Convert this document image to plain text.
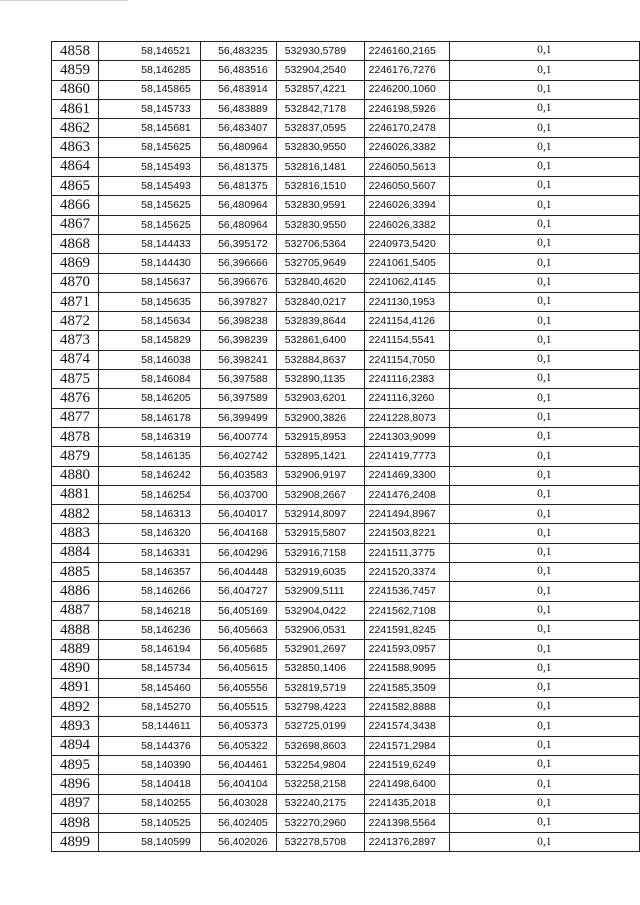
4858	58,146521	56,483235	532930,5789	2246160,2165	0,1
4859	58,146285	56,483516	532904,2540	2246176,7276	0,1
4860	58,145865	56,483914	532857,4221	2246200,1060	0,1
4861	58,145733	56,483889	532842,7178	2246198,5926	0,1
4862	58,145681	56,483407	532837,0595	2246170,2478	0,1
4863	58,145625	56,480964	532830,9550	2246026,3382	0,1
4864	58,145493	56,481375	532816,1481	2246050,5613	0,1
4865	58,145493	56,481375	532816,1510	2246050,5607	0,1
4866	58,145625	56,480964	532830,9591	2246026,3394	0,1
4867	58,145625	56,480964	532830,9550	2246026,3382	0,1
4868	58,144433	56,395172	532706,5364	2240973,5420	0,1
4869	58,144430	56,396666	532705,9649	2241061,5405	0,1
4870	58,145637	56,396676	532840,4620	2241062,4145	0,1
4871	58,145635	56,397827	532840,0217	2241130,1953	0,1
4872	58,145634	56,398238	532839,8644	2241154,4126	0,1
4873	58,145829	56,398239	532861,6400	2241154,5541	0,1
4874	58,146038	56,398241	532884,8637	2241154,7050	0,1
4875	58,146084	56,397588	532890,1135	2241116,2383	0,1
4876	58,146205	56,397589	532903,6201	2241116,3260	0,1
4877	58,146178	56,399499	532900,3826	2241228,8073	0,1
4878	58,146319	56,400774	532915,8953	2241303,9099	0,1
4879	58,146135	56,402742	532895,1421	2241419,7773	0,1
4880	58,146242	56,403583	532906,9197	2241469,3300	0,1
4881	58,146254	56,403700	532908,2667	2241476,2408	0,1
4882	58,146313	56,404017	532914,8097	2241494,8967	0,1
4883	58,146320	56,404168	532915,5807	2241503,8221	0,1
4884	58,146331	56,404296	532916,7158	2241511,3775	0,1
4885	58,146357	56,404448	532919,6035	2241520,3374	0,1
4886	58,146266	56,404727	532909,5111	2241536,7457	0,1
4887	58,146218	56,405169	532904,0422	2241562,7108	0,1
4888	58,146236	56,405663	532906,0531	2241591,8245	0,1
4889	58,146194	56,405685	532901,2697	2241593,0957	0,1
4890	58,145734	56,405615	532850,1406	2241588,9095	0,1
4891	58,145460	56,405556	532819,5719	2241585,3509	0,1
4892	58,145270	56,405515	532798,4223	2241582,8888	0,1
4893	58,144611	56,405373	532725,0199	2241574,3438	0,1
4894	58,144376	56,405322	532698,8603	2241571,2984	0,1
4895	58,140390	56,404461	532254,9804	2241519,6249	0,1
4896	58,140418	56,404104	532258,2158	2241498,6400	0,1
4897	58,140255	56,403028	532240,2175	2241435,2018	0,1
4898	58,140525	56,402405	532270,2960	2241398,5564	0,1
4899	58,140599	56,402026	532278,5708	2241376,2897	0,1
